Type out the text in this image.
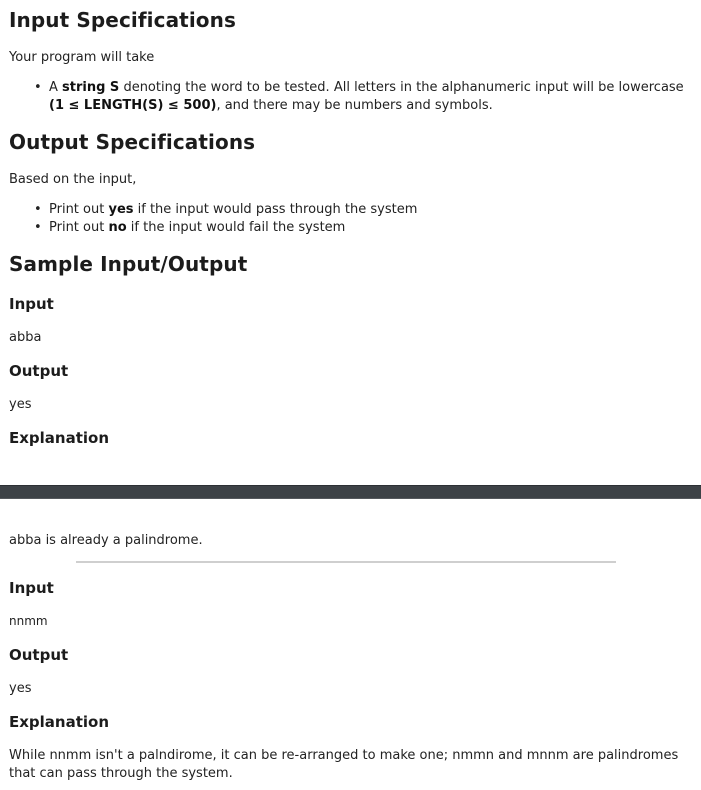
Input Specifications

Your program will take

• A string S denoting the word to be tested. All letters in the alphanumeric input will be lowercase
(1 ≤ LENGTH(S) ≤ 500), and there may be numbers and symbols.
Output Specifications

Based on the input,

• Print out yes if the input would pass through the system
• Print out no if the input would fail the system
Sample Input/Output
Input

abba

Output

yes

Explanation

abba is already a palindrome.

Input

nnmm

Output

yes

Explanation

While nnmm isn't a palndirome, it can be re-arranged to make one; nmmn and mnnm are palindromes

that can pass through the system.
